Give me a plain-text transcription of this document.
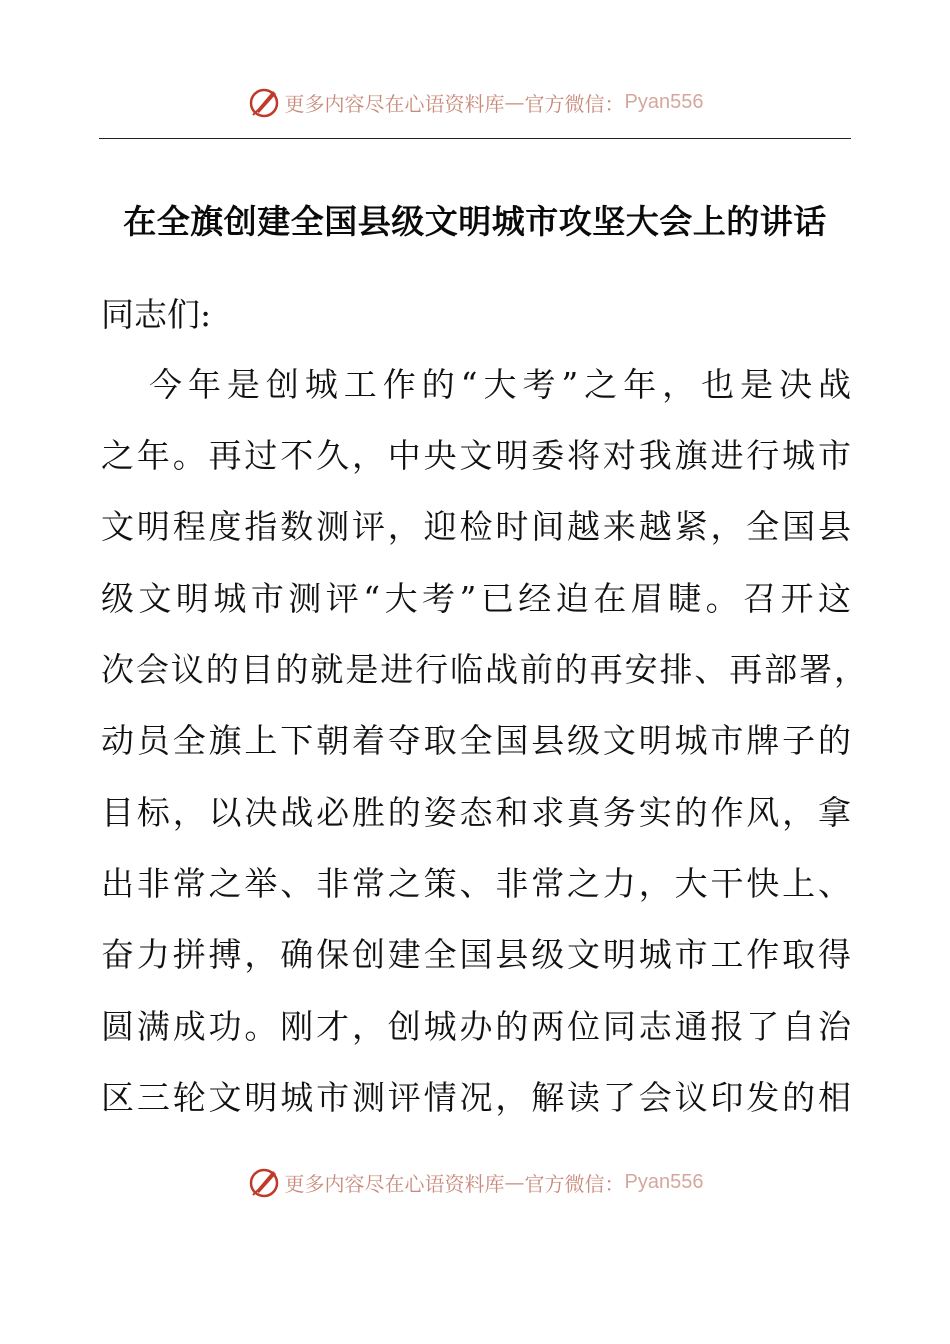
更多内容尽在心语资料库 — 官方微信： Pyan556
在全旗创建全国县级文明城市攻坚大会上的讲话
同志们:
今年是创城工作的“大考”之年，也是决战
之年。再过不久，中央文明委将对我旗进行城市
文明程度指数测评，迎检时间越来越紧，全国县
级文明城市测评“大考”已经迫在眉睫。召开这
次会议的目的就是进行临战前的再安排、再部署，
动员全旗上下朝着夺取全国县级文明城市牌子的
目标，以决战必胜的姿态和求真务实的作风，拿
出非常之举、非常之策、非常之力，大干快上、
奋力拼搏，确保创建全国县级文明城市工作取得
圆满成功。刚才，创城办的两位同志通报了自治
区三轮文明城市测评情况，解读了会议印发的相
更多内容尽在心语资料库 — 官方微信： Pyan556
